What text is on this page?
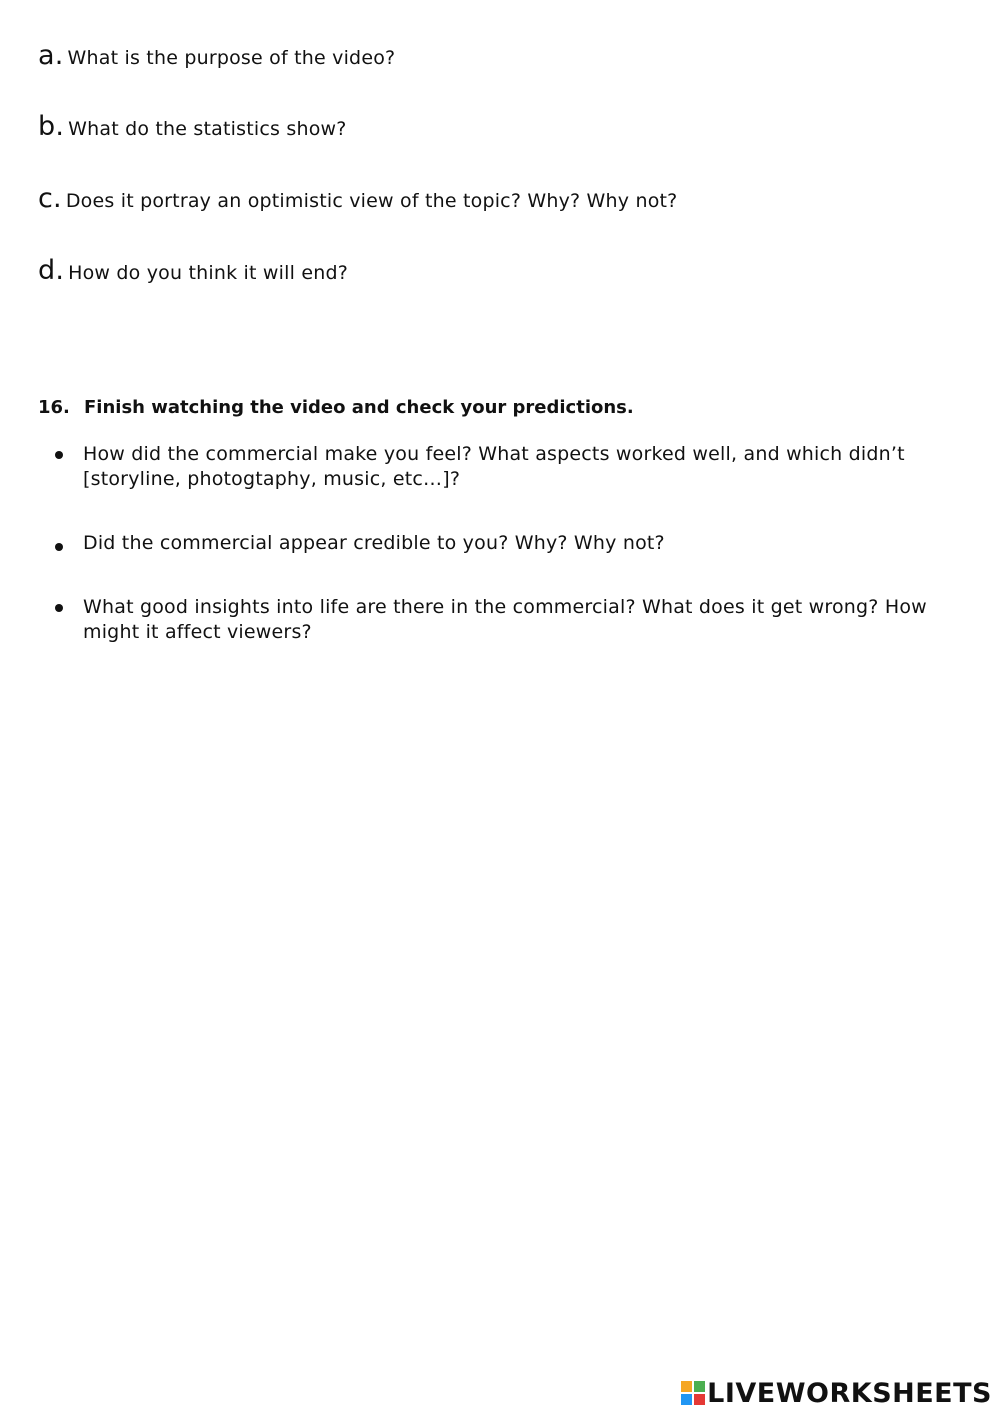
a. What is the purpose of the video?
b. What do the statistics show?
c. Does it portray an optimistic view of the topic? Why? Why not?
d. How do you think it will end?
16. Finish watching the video and check your predictions.
How did the commercial make you feel? What aspects worked well, and which didn’t [storyline, photogtaphy, music, etc…]?
Did the commercial appear credible to you? Why? Why not?
What good insights into life are there in the commercial? What does it get wrong? How might it affect viewers?
LIVEWORKSHEETS
